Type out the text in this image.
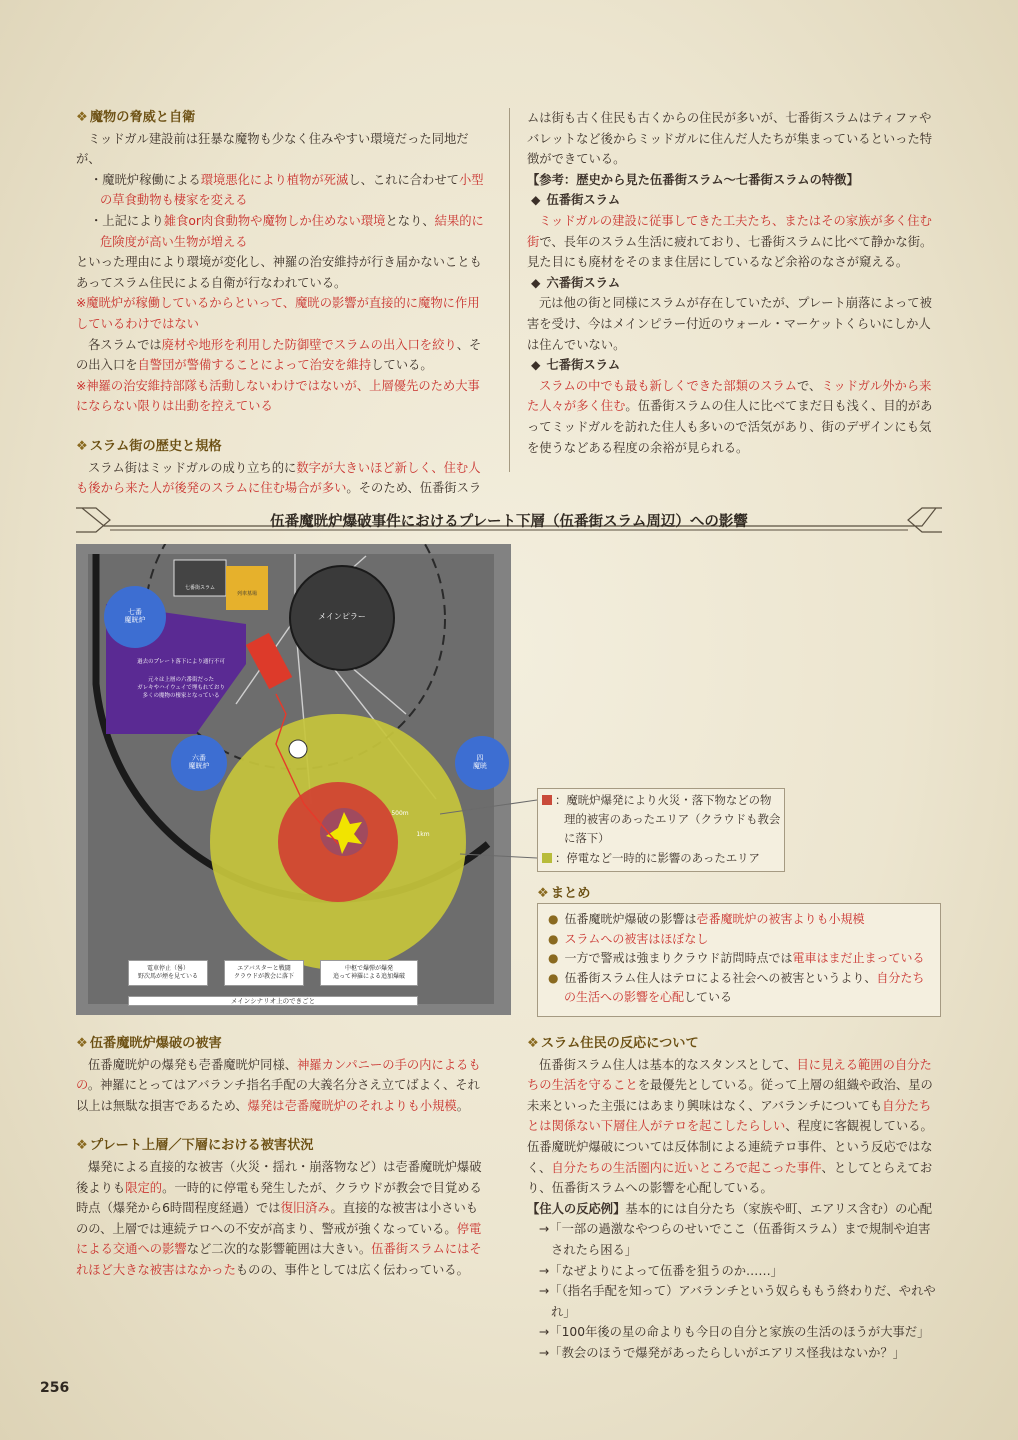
❖ 魔物の脅威と自衛

ミッドガル建設前は狂暴な魔物も少なく住みやすい環境だった同地だが、

・魔晄炉稼働による環境悪化により植物が死滅し、これに合わせて小型の草食動物も棲家を変える

・上記により雑食or肉食動物や魔物しか住めない環境となり、結果的に危険度が高い生物が増える

といった理由により環境が変化し、神羅の治安維持が行き届かないこともあってスラム住民による自衛が行なわれている。

※魔晄炉が稼働しているからといって、魔晄の影響が直接的に魔物に作用しているわけではない

各スラムでは廃材や地形を利用した防御壁でスラムの出入口を絞り、その出入口を自警団が警備することによって治安を維持している。

※神羅の治安維持部隊も活動しないわけではないが、上層優先のため大事にならない限りは出動を控えている

❖ スラム街の歴史と規格

スラム街はミッドガルの成り立ち的に数字が大きいほど新しく、住む人も後から来た人が後発のスラムに住む場合が多い。そのため、伍番街スラ

ムは街も古く住民も古くからの住民が多いが、七番街スラムはティファやバレットなど後からミッドガルに住んだ人たちが集まっているといった特徴ができている。

【参考：歴史から見た伍番街スラム〜七番街スラムの特徴】

◆ 伍番街スラム

ミッドガルの建設に従事してきた工夫たち、またはその家族が多く住む街で、長年のスラム生活に疲れており、七番街スラムに比べて静かな街。見た目にも廃材をそのまま住居にしているなど余裕のなさが窺える。

◆ 六番街スラム

元は他の街と同様にスラムが存在していたが、プレート崩落によって被害を受け、今はメインピラー付近のウォール・マーケットくらいにしか人は住んでいない。

◆ 七番街スラム

スラムの中でも最も新しくできた部類のスラムで、ミッドガル外から来た人々が多く住む。伍番街スラムの住人に比べてまだ日も浅く、目的があってミッドガルを訪れた住人も多いので活気があり、街のデザインにも気を使うなどある程度の余裕が見られる。

伍番魔晄炉爆破事件におけるプレート下層（伍番街スラム周辺）への影響
メインピラー
七番
魔晄炉
六番
魔晄炉
四
魔晄
七番街スラム
列車墓場
過去のプレート落下により通行不可
元々は上層の六番街だった
ガレキやハイウェイで埋もれており
多くの魔物の棲家となっている
500m
1km
電車停止（晷）
野次馬が煙を見ている
エアバスターと戦闘
クラウドが教会に落下
中枢で爆弾が爆発
追って神羅による追加爆破
メインシナリオ上のできごと
：魔晄炉爆発により火災・落下物などの物
理的被害のあったエリア（クラウドも教会
に落下）
：停電など一時的に影響のあったエリア
❖ まとめ

● 伍番魔晄炉爆破の影響は壱番魔晄炉の被害よりも小規模

● スラムへの被害はほぼなし

● 一方で警戒は強まりクラウド訪問時点では電車はまだ止まっている

● 伍番街スラム住人はテロによる社会への被害というより、自分たちの生活への影響を心配している

❖ 伍番魔晄炉爆破の被害

伍番魔晄炉の爆発も壱番魔晄炉同様、神羅カンパニーの手の内によるもの。神羅にとってはアバランチ指名手配の大義名分さえ立てばよく、それ以上は無駄な損害であるため、爆発は壱番魔晄炉のそれよりも小規模。

❖ プレート上層／下層における被害状況

爆発による直接的な被害（火災・揺れ・崩落物など）は壱番魔晄炉爆破後よりも限定的。一時的に停電も発生したが、クラウドが教会で目覚める時点（爆発から6時間程度経過）では復旧済み。直接的な被害は小さいものの、上層では連続テロへの不安が高まり、警戒が強くなっている。停電による交通への影響など二次的な影響範囲は大きい。伍番街スラムにはそれほど大きな被害はなかったものの、事件としては広く伝わっている。

❖ スラム住民の反応について

伍番街スラム住人は基本的なスタンスとして、目に見える範囲の自分たちの生活を守ることを最優先としている。従って上層の組織や政治、星の未来といった主張にはあまり興味はなく、アバランチについても自分たちとは関係ない下層住人がテロを起こしたらしい、程度に客観視している。伍番魔晄炉爆破については反体制による連続テロ事件、という反応ではなく、自分たちの生活圏内に近いところで起こった事件、としてとらえており、伍番街スラムへの影響を心配している。

【住人の反応例】基本的には自分たち（家族や町、エアリス含む）の心配

→「一部の過激なやつらのせいでここ（伍番街スラム）まで規制や迫害されたら困る」

→「なぜよりによって伍番を狙うのか……」

→「（指名手配を知って）アバランチという奴らももう終わりだ、やれやれ」

→「100年後の星の命よりも今日の自分と家族の生活のほうが大事だ」

→「教会のほうで爆発があったらしいがエアリス怪我はないか？」

256
